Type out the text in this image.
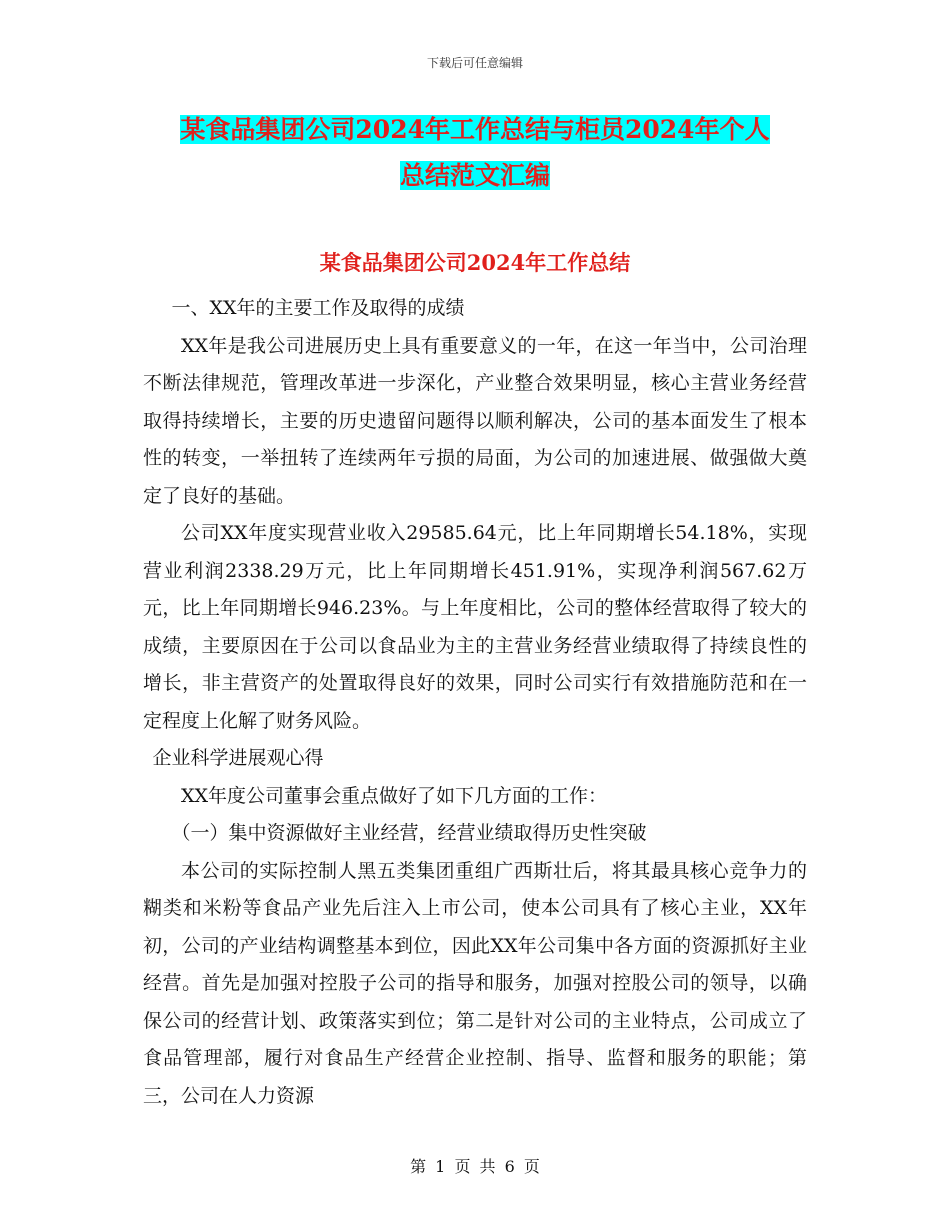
下载后可任意编辑
某食品集团公司2024年工作总结与柜员2024年个人
总结范文汇编
某食品集团公司2024年工作总结

一、XX年的主要工作及取得的成绩

XX年是我公司进展历史上具有重要意义的一年，在这一年当中，公司治理不断法律规范，管理改革进一步深化，产业整合效果明显，核心主营业务经营取得持续增长，主要的历史遗留问题得以顺利解决，公司的基本面发生了根本性的转变，一举扭转了连续两年亏损的局面，为公司的加速进展、做强做大奠定了良好的基础。

公司XX年度实现营业收入29585.64元，比上年同期增长54.18%，实现营业利润2338.29万元，比上年同期增长451.91%，实现净利润567.62万元，比上年同期增长946.23%。与上年度相比，公司的整体经营取得了较大的成绩，主要原因在于公司以食品业为主的主营业务经营业绩取得了持续良性的增长，非主营资产的处置取得良好的效果，同时公司实行有效措施防范和在一定程度上化解了财务风险。

企业科学进展观心得

XX年度公司董事会重点做好了如下几方面的工作：

（一）集中资源做好主业经营，经营业绩取得历史性突破

本公司的实际控制人黑五类集团重组广西斯壮后，将其最具核心竞争力的糊类和米粉等食品产业先后注入上市公司，使本公司具有了核心主业，XX年初，公司的产业结构调整基本到位，因此XX年公司集中各方面的资源抓好主业经营。首先是加强对控股子公司的指导和服务，加强对控股公司的领导，以确保公司的经营计划、政策落实到位；第二是针对公司的主业特点，公司成立了食品管理部，履行对食品生产经营企业控制、指导、监督和服务的职能；第三，公司在人力资源

第 1 页 共 6 页
